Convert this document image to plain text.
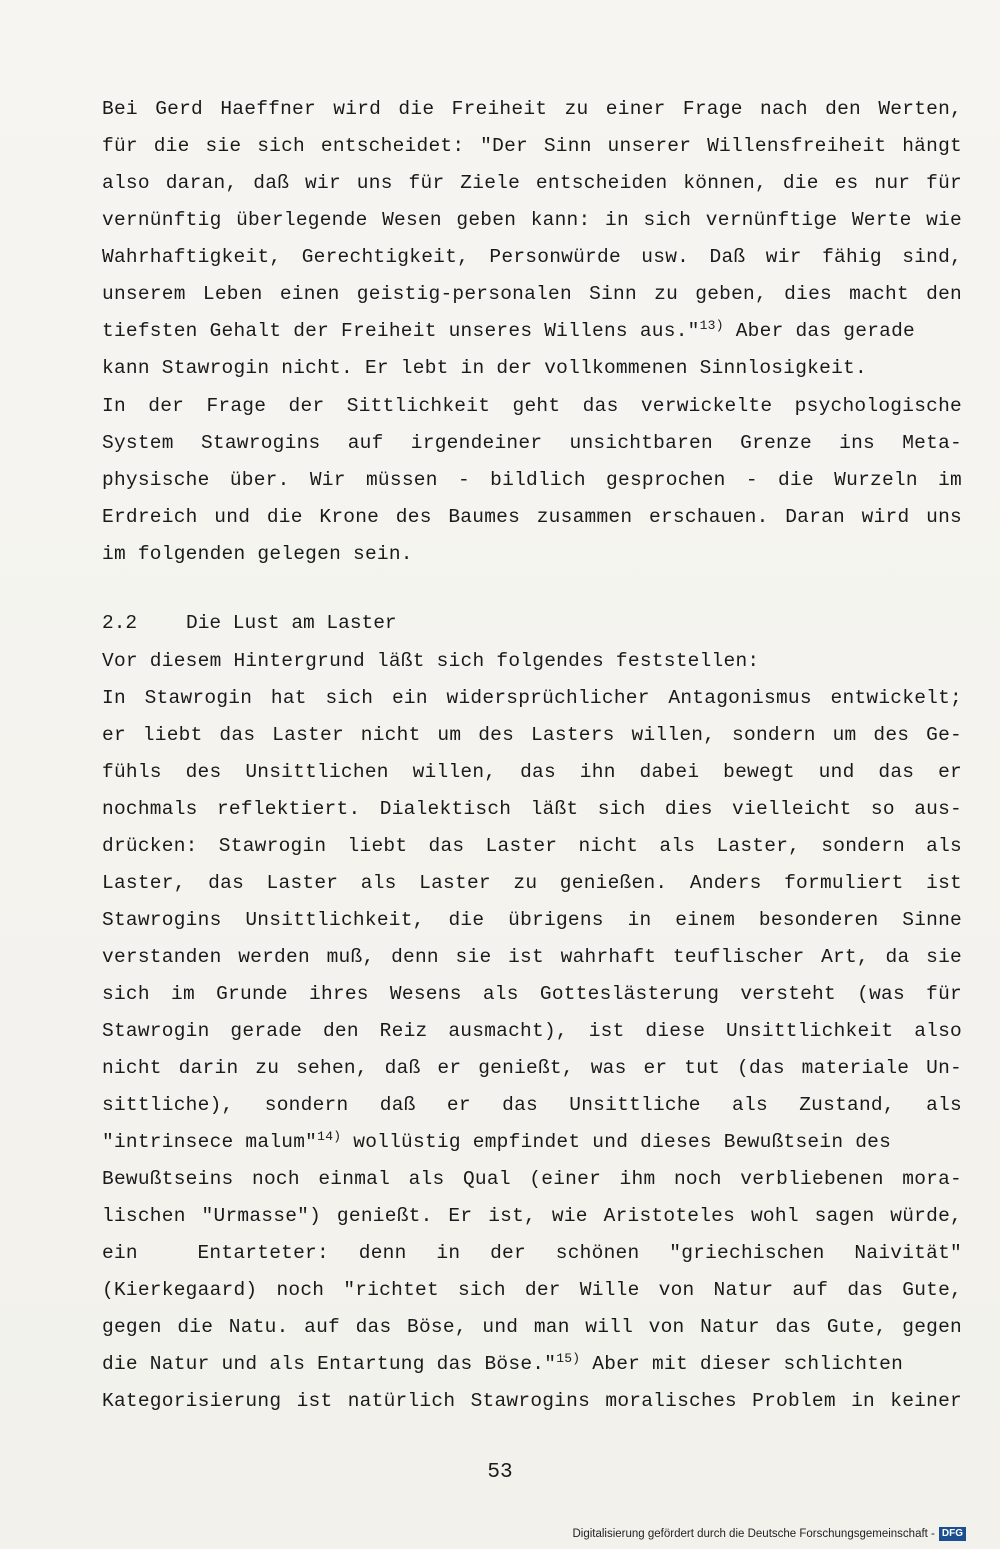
Bei Gerd Haeffner wird die Freiheit zu einer Frage nach den Werten,
für die sie sich entscheidet: "Der Sinn unserer Willensfreiheit hängt
also daran, daß wir uns für Ziele entscheiden können, die es nur für
vernünftig überlegende Wesen geben kann: in sich vernünftige Werte wie
Wahrhaftigkeit, Gerechtigkeit, Personwürde usw. Daß wir fähig sind,
unserem Leben einen geistig-personalen Sinn zu geben, dies macht den
tiefsten Gehalt der Freiheit unseres Willens aus."$^{13)}$ Aber das gerade
kann Stawrogin nicht. Er lebt in der vollkommenen Sinnlosigkeit.
In der Frage der Sittlichkeit geht das verwickelte psychologische
System Stawrogins auf irgendeiner unsichtbaren Grenze ins Meta-
physische über. Wir müssen - bildlich gesprochen - die Wurzeln im
Erdreich und die Krone des Baumes zusammen erschauen. Daran wird uns
im folgenden gelegen sein.
2.2	Die Lust am Laster
Vor diesem Hintergrund läßt sich folgendes feststellen:
In Stawrogin hat sich ein widersprüchlicher Antagonismus entwickelt;
er liebt das Laster nicht um des Lasters willen, sondern um des Ge-
fühls des Unsittlichen willen, das ihn dabei bewegt und das er
nochmals reflektiert. Dialektisch läßt sich dies vielleicht so aus-
drücken: Stawrogin liebt das Laster nicht als Laster, sondern als
Laster, das Laster als Laster zu genießen. Anders formuliert ist
Stawrogins Unsittlichkeit, die übrigens in einem besonderen Sinne
verstanden werden muß, denn sie ist wahrhaft teuflischer Art, da sie
sich im Grunde ihres Wesens als Gotteslästerung versteht (was für
Stawrogin gerade den Reiz ausmacht), ist diese Unsittlichkeit also
nicht darin zu sehen, daß er genießt, was er tut (das materiale Un-
sittliche), sondern daß er das Unsittliche als Zustand, als
"intrinsece malum"$^{14)}$ wollüstig empfindet und dieses Bewußtsein des
Bewußtseins noch einmal als Qual (einer ihm noch verbliebenen mora-
lischen "Urmasse") genießt. Er ist, wie Aristoteles wohl sagen würde,
ein  Entarteter: denn in der schönen "griechischen Naivität"
(Kierkegaard) noch "richtet sich der Wille von Natur auf das Gute,
gegen die Natu. auf das Böse, und man will von Natur das Gute, gegen
die Natur und als Entartung das Böse."$^{15)}$ Aber mit dieser schlichten
Kategorisierung ist natürlich Stawrogins moralisches Problem in keiner
53
Digitalisierung gefördert durch die Deutsche Forschungsgemeinschaft - DFG
